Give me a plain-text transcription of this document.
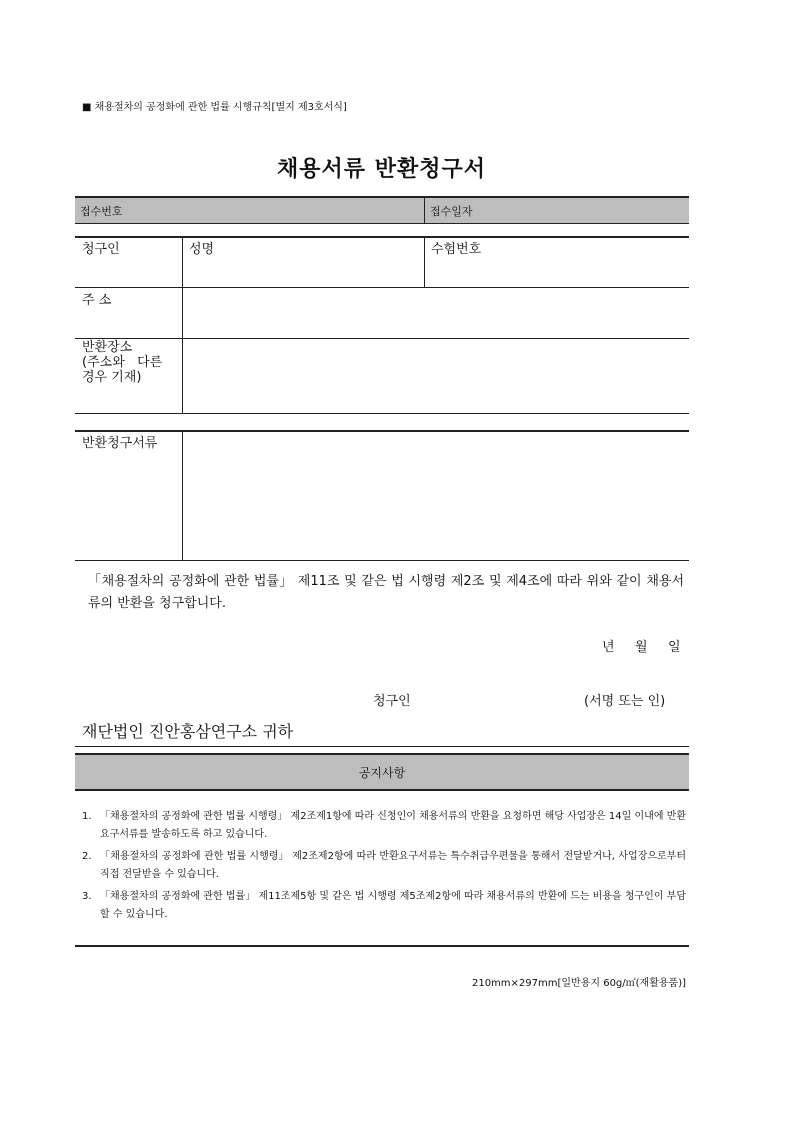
■ 채용절차의 공정화에 관한 법률 시행규칙[별지 제3호서식]
채용서류 반환청구서
접수번호	접수일자
청구인	성명	수험번호
주 소
반환장소
(주소와   다른
경우 기재)
반환청구서류
「채용절차의 공정화에 관한 법률」 제11조 및 같은 법 시행령 제2조 및 제4조에 따라 위와 같이 채용서류의 반환을 청구합니다.
년 월 일
청구인	(서명 또는 인)
재단법인 진안홍삼연구소 귀하
공지사항
1. 「채용절차의 공정화에 관한 법률 시행령」 제2조제1항에 따라 신청인이 채용서류의 반환을 요청하면 해당 사업장은 14일 이내에 반환요구서류를 발송하도록 하고 있습니다.
2. 「채용절차의 공정화에 관한 법률 시행령」 제2조제2항에 따라 반환요구서류는 특수취급우편물을 통해서 전달받거나, 사업장으로부터 직접 전달받을 수 있습니다.
3. 「채용절차의 공정화에 관한 법률」 제11조제5항 및 같은 법 시행령 제5조제2항에 따라 채용서류의 반환에 드는 비용을 청구인이 부담할 수 있습니다.
210mm×297mm[일반용지 60g/㎡(재활용품)]
